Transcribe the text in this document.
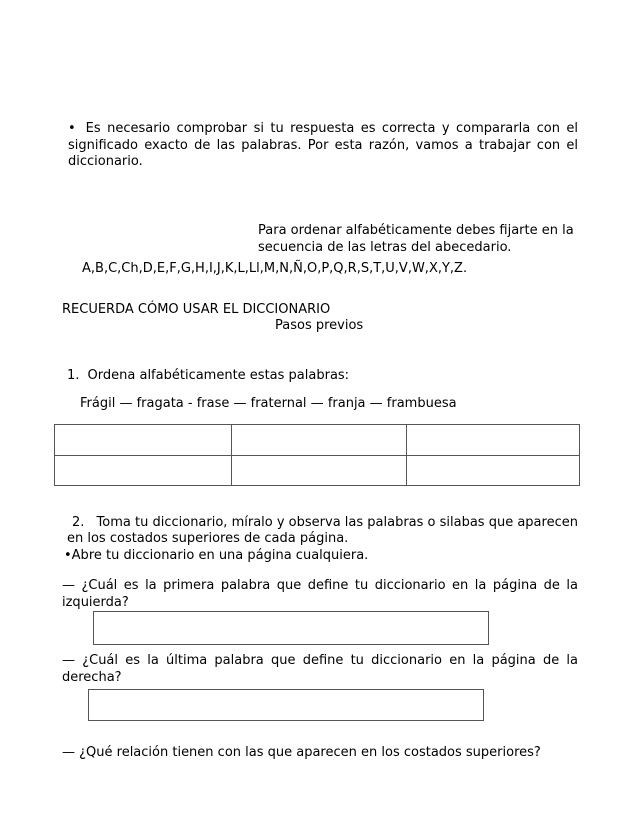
• Es necesario comprobar si tu respuesta es correcta y compararla con el significado exacto de las palabras. Por esta razón, vamos a trabajar con el diccionario.
Para ordenar alfabéticamente debes fijarte en la
secuencia de las letras del abecedario.
A,B,C,Ch,D,E,F,G,H,I,J,K,L,Ll,M,N,Ñ,O,P,Q,R,S,T,U,V,W,X,Y,Z.
RECUERDA CÓMO USAR EL DICCIONARIO
Pasos previos
1. Ordena alfabéticamente estas palabras:
Frágil — fragata - frase — fraternal — franja — frambuesa

2. Toma tu diccionario, míralo y observa las palabras o silabas que aparecen
en los costados superiores de cada página.
•Abre tu diccionario en una página cualquiera.
— ¿Cuál es la primera palabra que define tu diccionario en la página de la izquierda?
— ¿Cuál es la última palabra que define tu diccionario en la página de la derecha?
— ¿Qué relación tienen con las que aparecen en los costados superiores?
